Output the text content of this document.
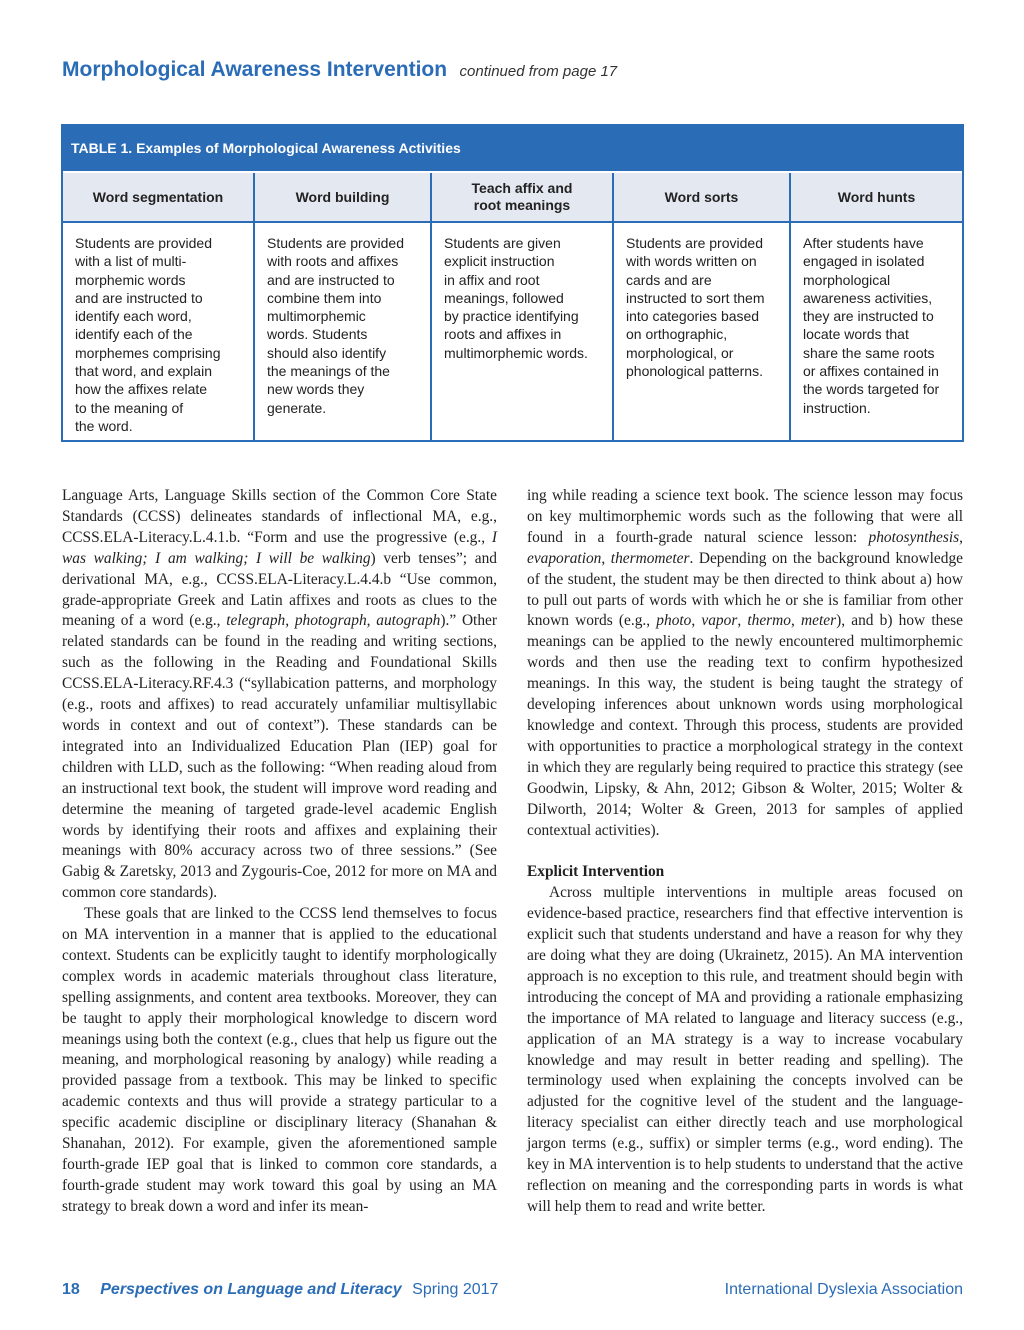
Morphological Awareness Intervention continued from page 17
TABLE 1. Examples of Morphological Awareness Activities
Word segmentation
Students are provided
with a list of multi-
morphemic words
and are instructed to
identify each word,
identify each of the
morphemes comprising
that word, and explain
how the affixes relate
to the meaning of
the word.
Word building
Students are provided
with roots and affixes
and are instructed to
combine them into
multimorphemic
words. Students
should also identify
the meanings of the
new words they
generate.
Teach affix and
root meanings
Students are given
explicit instruction
in affix and root
meanings, followed
by practice identifying
roots and affixes in
multimorphemic words.
Word sorts
Students are provided
with words written on
cards and are
instructed to sort them
into categories based
on orthographic,
morphological, or
phonological patterns.
Word hunts
After students have
engaged in isolated
morphological
awareness activities,
they are instructed to
locate words that
share the same roots
or affixes contained in
the words targeted for
instruction.

Language Arts, Language Skills section of the Common Core State Standards (CCSS) delineates standards of inflectional MA, e.g., CCSS.ELA-Literacy.L.4.1.b. “Form and use the progressive (e.g., I was walking; I am walking; I will be walking) verb tenses”; and derivational MA, e.g., CCSS.ELA-Literacy.L.4.4.b “Use common, grade-appropriate Greek and Latin affixes and roots as clues to the meaning of a word (e.g., telegraph, photograph, autograph).” Other related standards can be found in the reading and writing sections, such as the following in the Reading and Foundational Skills CCSS.ELA-Literacy.RF.4.3 (“syllabication patterns, and morphology (e.g., roots and affixes) to read accurately unfamiliar multisyllabic words in context and out of context”). These standards can be integrated into an Individualized Education Plan (IEP) goal for children with LLD, such as the following: “When reading aloud from an instructional text book, the student will improve word reading and determine the meaning of targeted grade-level academic English words by identifying their roots and affixes and explaining their meanings with 80% accuracy across two of three sessions.” (See Gabig & Zaretsky, 2013 and Zygouris-Coe, 2012 for more on MA and common core standards).

These goals that are linked to the CCSS lend themselves to focus on MA intervention in a manner that is applied to the educational context. Students can be explicitly taught to identify morphologically complex words in academic materials throughout class literature, spelling assignments, and content area textbooks. Moreover, they can be taught to apply their morphological knowledge to discern word meanings using both the context (e.g., clues that help us figure out the meaning, and morphological reasoning by analogy) while reading a provided passage from a textbook. This may be linked to specific academic contexts and thus will provide a strategy particular to a specific academic discipline or disciplinary literacy (Shanahan & Shanahan, 2012). For example, given the aforementioned sample fourth-grade IEP goal that is linked to common core standards, a fourth-grade student may work toward this goal by using an MA strategy to break down a word and infer its mean-

ing while reading a science text book. The science lesson may focus on key multimorphemic words such as the following that were all found in a fourth-grade natural science lesson: photosynthesis, evaporation, thermometer. Depending on the background knowledge of the student, the student may be then directed to think about a) how to pull out parts of words with which he or she is familiar from other known words (e.g., photo, vapor, thermo, meter), and b) how these meanings can be applied to the newly encountered multimorphemic words and then use the reading text to confirm hypothesized meanings. In this way, the student is being taught the strategy of developing inferences about unknown words using morphological knowledge and context. Through this process, students are provided with opportunities to practice a morphological strategy in the context in which they are regularly being required to practice this strategy (see Goodwin, Lipsky, & Ahn, 2012; Gibson & Wolter, 2015; Wolter & Dilworth, 2014; Wolter & Green, 2013 for samples of applied contextual activities).

Explicit Intervention

Across multiple interventions in multiple areas focused on evidence-based practice, researchers find that effective intervention is explicit such that students understand and have a reason for why they are doing what they are doing (Ukrainetz, 2015). An MA intervention approach is no exception to this rule, and treatment should begin with introducing the concept of MA and providing a rationale emphasizing the importance of MA related to language and literacy success (e.g., application of an MA strategy is a way to increase vocabulary knowledge and may result in better reading and spelling). The terminology used when explaining the concepts involved can be adjusted for the cognitive level of the student and the language-literacy specialist can either directly teach and use morphological jargon terms (e.g., suffix) or simpler terms (e.g., word ending). The key in MA intervention is to help students to understand that the active reflection on meaning and the corresponding parts in words is what will help them to read and write better.

18 Perspectives on Language and Literacy Spring 2017	International Dyslexia Association
